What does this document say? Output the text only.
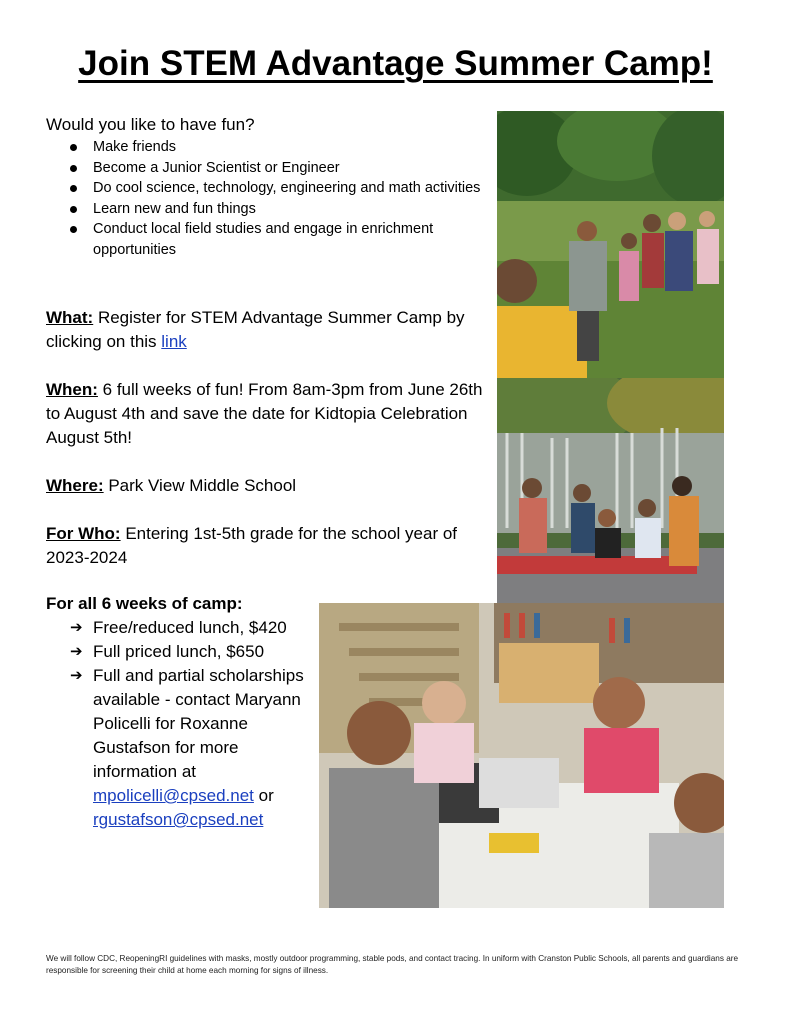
Join STEM Advantage Summer Camp!
Would you like to have fun?
Make friends
Become a Junior Scientist or Engineer
Do cool science, technology, engineering and math activities
Learn new and fun things
Conduct local field studies and engage in enrichment opportunities

What: Register for STEM Advantage Summer Camp by clicking on this link

When: 6 full weeks of fun! From 8am-3pm from June 26th to August 4th and save the date for Kidtopia Celebration August 5th!

Where: Park View Middle School

For Who: Entering 1st-5th grade for the school year of 2023-2024

For all 6 weeks of camp:
➔ Free/reduced lunch, $420
➔ Full priced lunch, $650
➔ Full and partial scholarships available - contact Maryann Policelli for Roxanne Gustafson for more information at mpolicelli@cpsed.net or rgustafson@cpsed.net
We will follow CDC, ReopeningRI guidelines with masks, mostly outdoor programming, stable pods, and contact tracing. In uniform with Cranston Public Schools, all parents and guardians are responsible for screening their child at home each morning for signs of illness.
